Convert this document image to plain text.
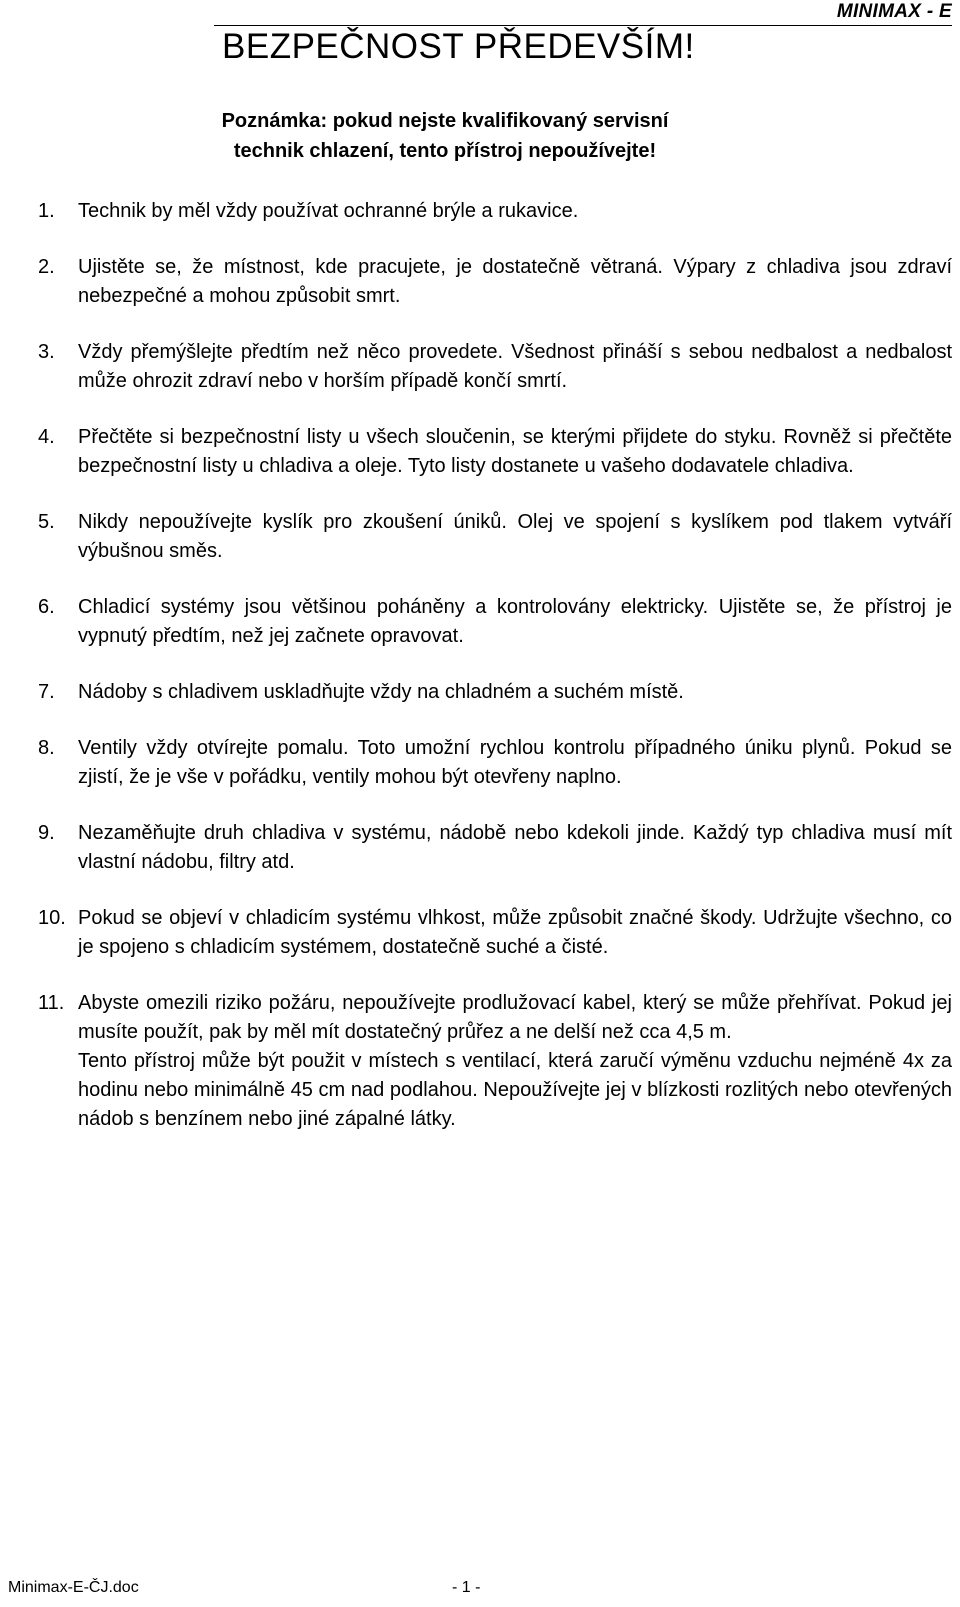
MINIMAX - E
BEZPEČNOST PŘEDEVŠÍM!
Poznámka: pokud nejste kvalifikovaný servisní
technik chlazení, tento přístroj nepoužívejte!
1. Technik by měl vždy používat ochranné brýle a rukavice.

2. Ujistěte se, že místnost, kde pracujete, je dostatečně větraná. Výpary z chladiva jsou zdraví nebezpečné a mohou způsobit smrt.

3. Vždy přemýšlejte předtím než něco provedete. Všednost přináší s sebou nedbalost a nedbalost může ohrozit zdraví nebo v horším případě končí smrtí.

4. Přečtěte si bezpečnostní listy u všech sloučenin, se kterými přijdete do styku. Rovněž si přečtěte bezpečnostní listy u chladiva a oleje. Tyto listy dostanete u vašeho dodavatele chladiva.

5. Nikdy nepoužívejte kyslík pro zkoušení úniků. Olej ve spojení s kyslíkem pod tlakem vytváří výbušnou směs.

6. Chladicí systémy jsou většinou poháněny a kontrolovány elektricky. Ujistěte se, že přístroj je vypnutý předtím, než jej začnete opravovat.

7. Nádoby s chladivem uskladňujte vždy na chladném a suchém místě.

8. Ventily vždy otvírejte pomalu. Toto umožní rychlou kontrolu případného úniku plynů. Pokud se zjistí, že je vše v pořádku, ventily mohou být otevřeny naplno.

9. Nezaměňujte druh chladiva v systému, nádobě nebo kdekoli jinde. Každý typ chladiva musí mít vlastní nádobu, filtry atd.

10. Pokud se objeví v chladicím systému vlhkost, může způsobit značné škody. Udržujte všechno, co je spojeno s chladicím systémem, dostatečně suché a čisté.

11. Abyste omezili riziko požáru, nepoužívejte prodlužovací kabel, který se může přehřívat. Pokud jej musíte použít, pak by měl mít dostatečný průřez a ne delší než cca 4,5 m.

Tento přístroj může být použit v místech s ventilací, která zaručí výměnu vzduchu nejméně 4x za hodinu nebo minimálně 45 cm nad podlahou. Nepoužívejte jej v blízkosti rozlitých nebo otevřených nádob s benzínem nebo jiné zápalné látky.

Minimax-E-ČJ.doc	- 1 -
